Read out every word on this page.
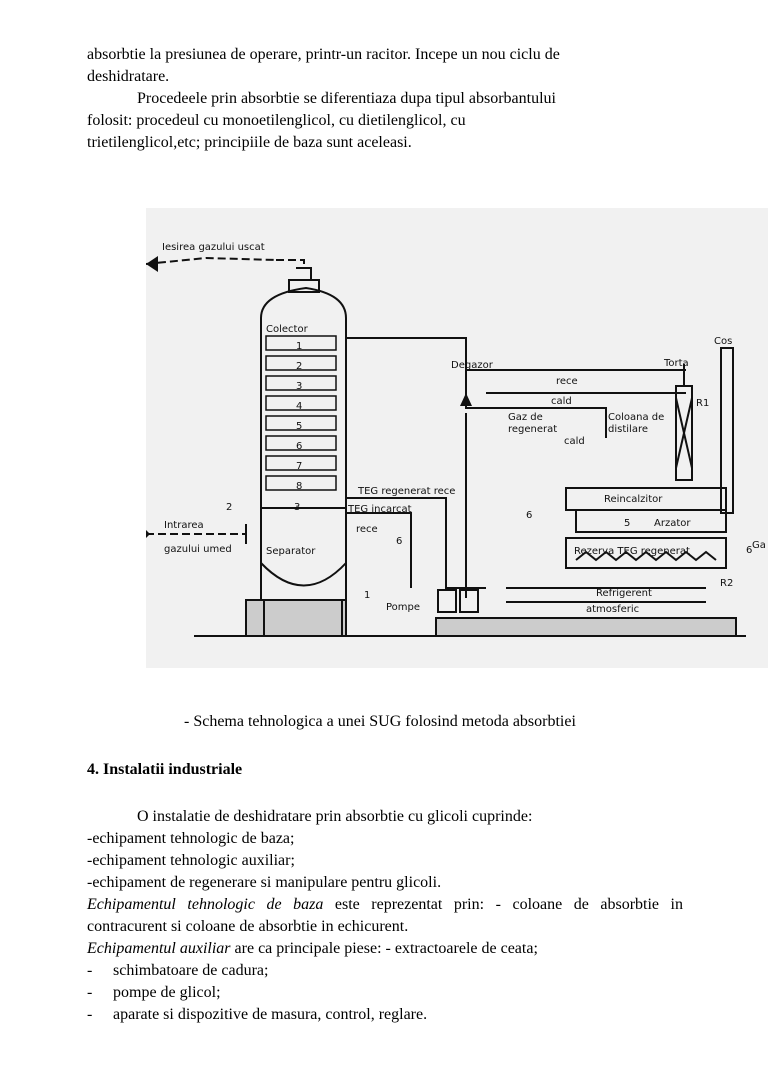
absorbtie la presiunea de operare, printr-un racitor. Incepe un nou ciclu de
deshidratare.
Procedeele prin absorbtie se diferentiaza dupa tipul absorbantului
folosit: procedeul cu monoetilenglicol, cu dietilenglicol, cu
trietilenglicol,etc; principiile de baza sunt aceleasi.
Iesirea gazului uscat
Colector
1
2
3
4
5
6
7
8
3
Separator
2
1
Intrarea
gazului umed
TEG regenerat rece
TEG incarcat
rece
6
Degazor
rece
cald
Torta
Cos
R1
Gaz de
regenerat
cald
Coloana de
distilare
Reincalzitor
6
5 Arzator
Rezerva TEG regenerat	6 Ga
R2
Refrigerent
atmosferic
Pompe
- Schema tehnologica a unei SUG folosind metoda absorbtiei
4. Instalatii industriale
O instalatie de deshidratare prin absorbtie cu glicoli cuprinde:
-echipament tehnologic de baza;
-echipament tehnologic auxiliar;
-echipament de regenerare si manipulare pentru glicoli.
Echipamentul tehnologic de baza este reprezentat prin: - coloane de absorbtie in contracurent si coloane de absorbtie in echicurent.
Echipamentul auxiliar are ca principale piese: - extractoarele de ceata;
-	schimbatoare de cadura;
-	pompe de glicol;
-	aparate si dispozitive de masura, control, reglare.
